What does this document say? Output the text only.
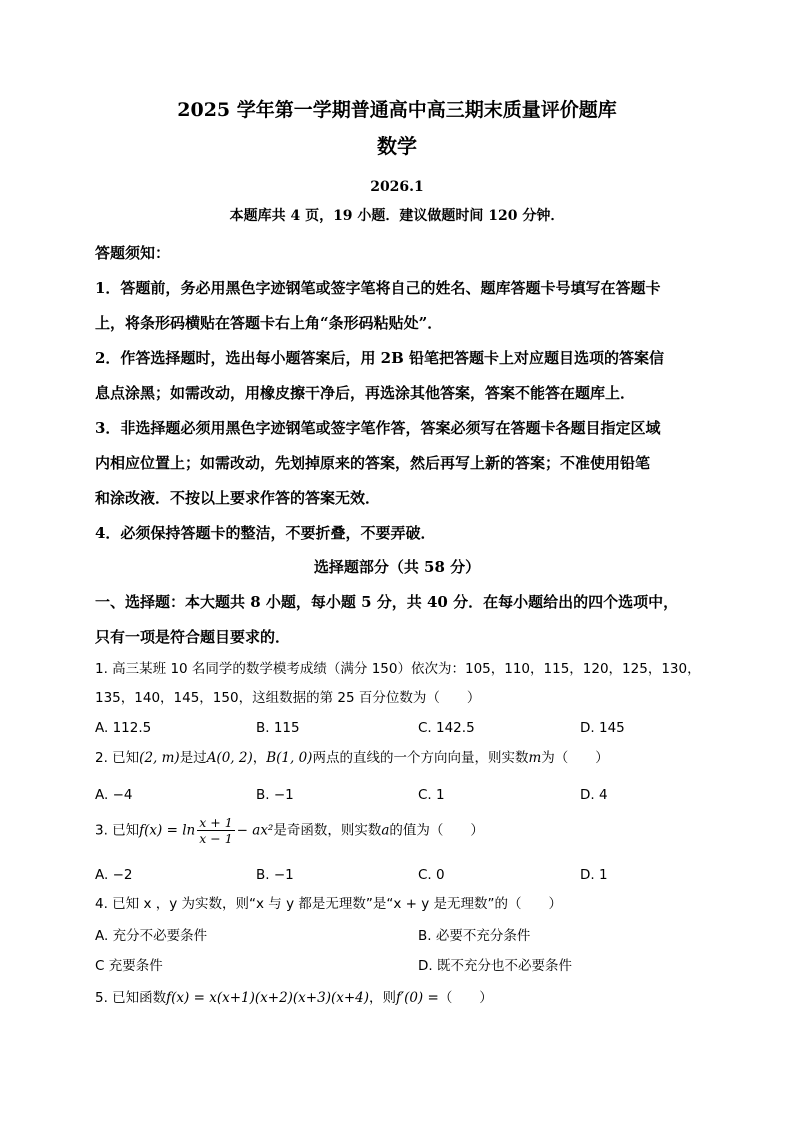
2025 学年第一学期普通高中高三期末质量评价题库
数学
2026.1
本题库共 4 页，19 小题．建议做题时间 120 分钟．
答题须知：
1．答题前，务必用黑色字迹钢笔或签字笔将自己的姓名、题库答题卡号填写在答题卡
上，将条形码横贴在答题卡右上角“条形码粘贴处”．
2．作答选择题时，选出每小题答案后，用 2B 铅笔把答题卡上对应题目选项的答案信
息点涂黑；如需改动，用橡皮擦干净后，再选涂其他答案，答案不能答在题库上．
3．非选择题必须用黑色字迹钢笔或签字笔作答，答案必须写在答题卡各题目指定区域
内相应位置上；如需改动，先划掉原来的答案，然后再写上新的答案；不准使用铅笔
和涂改液．不按以上要求作答的答案无效．
4．必须保持答题卡的整洁，不要折叠，不要弄破．
选择题部分（共 58 分）
一、选择题：本大题共 8 小题，每小题 5 分，共 40 分．在每小题给出的四个选项中，
只有一项是符合题目要求的．
1. 高三某班 10 名同学的数学模考成绩（满分 150）依次为：105，110，115，120，125，130，
135，140，145，150，这组数据的第 25 百分位数为（　　）
A. 112.5	B. 115	C. 142.5	D. 145
2. 已知(2, m)是过A(0, 2)，B(1, 0)两点的直线的一个方向向量，则实数m为（　　）
A. −4	B. −1	C. 1	D. 4
3. 已知$f(x) = \ln \frac{x + 1}{x - 1} - ax^2$是奇函数，则实数a的值为（　　）
A. −2	B. −1	C. 0	D. 1
4. 已知 x ，y 为实数，则“x 与 y 都是无理数”是“x + y 是无理数”的（　　）
A. 充分不必要条件	B. 必要不充分条件
C 充要条件	D. 既不充分也不必要条件
5. 已知函数f(x) = x(x+1)(x+2)(x+3)(x+4)，则f′(0) =（　　）
